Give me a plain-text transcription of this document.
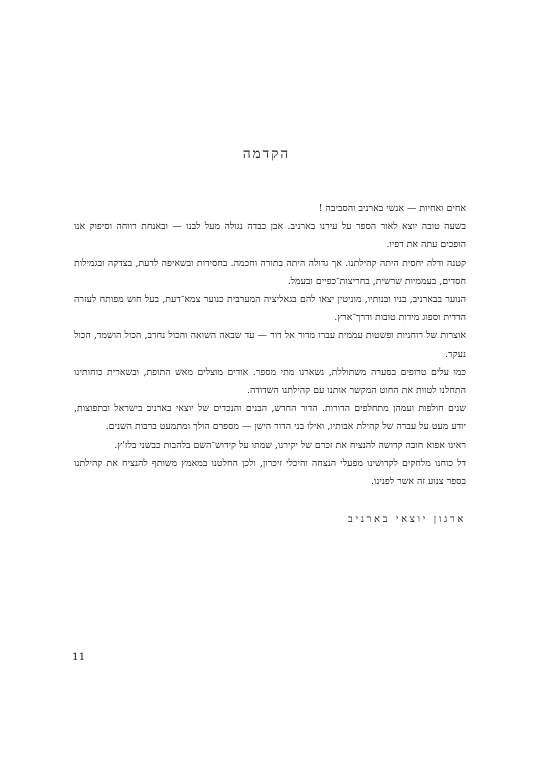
הקדמה

אחים ואחיות — אנשי בארניב והסביבה !

בשעה טובה יוצא לאור הספר על עירנו בארניב. אבן כבדה נגולה מעל לבנו — ובאנחת רווחה וסיפוק אנו הופכים עתה את דפיו.

קטנה ודלה יחסית היתה קהילתנו. אך גדולה היתה בתורה וחכמה. בחסידות ובשאיפה לדעת, בצדקה ובגמילות חסדים, בעממיות שרשית, בחריצות־כפיים ובעמל.

הנוער בבארניב, בניו ובנותיו, מוניטין יצאו להם בגאליציה המערבית כנוער צמא־דעת, בעל חוש מפותח לעזרה הדדית וספוג מידות טובות ודרך־ארץ.

אוצרות של רוחניות ופשטות עממית עברו מדור אל דור — עד שבאה השואה והכול נחרב, הכול הושמד, הכול נעקר.

כמו עלים טרופים בסערה משתוללת, נשארנו מתי מספר. אודים מוצלים מאש התופת, ובשארית כוחותינו התחלנו לטוות את החוט המקשר אותנו עם קהילתנו השדודה.

שנים חולפות ועמהן מתחלפים הדורות. הדור החדש, הבנים והנכדים של יוצאי בארניב בישראל ובתפוצות, יודע מעט על עברה של קהילת אבותיו, ואילו בני הדור הישן — מספרם הולך ומתמעט ברבות השנים.

ראינו אפוא חובה קדושה להנציח את זכרם של יקירנו, שמתו על קידוש־השם בלהבות כבשני בלז'ץ.

דל כוחנו מלחקים לקדושינו מפעלי הנצחה והיכלי זיכרון, ולכן החלטנו במאמץ משותף להנציח את קהילתנו בספר צנוע זה אשר לפנינו.

ארגון יוצאי בארניב
11
